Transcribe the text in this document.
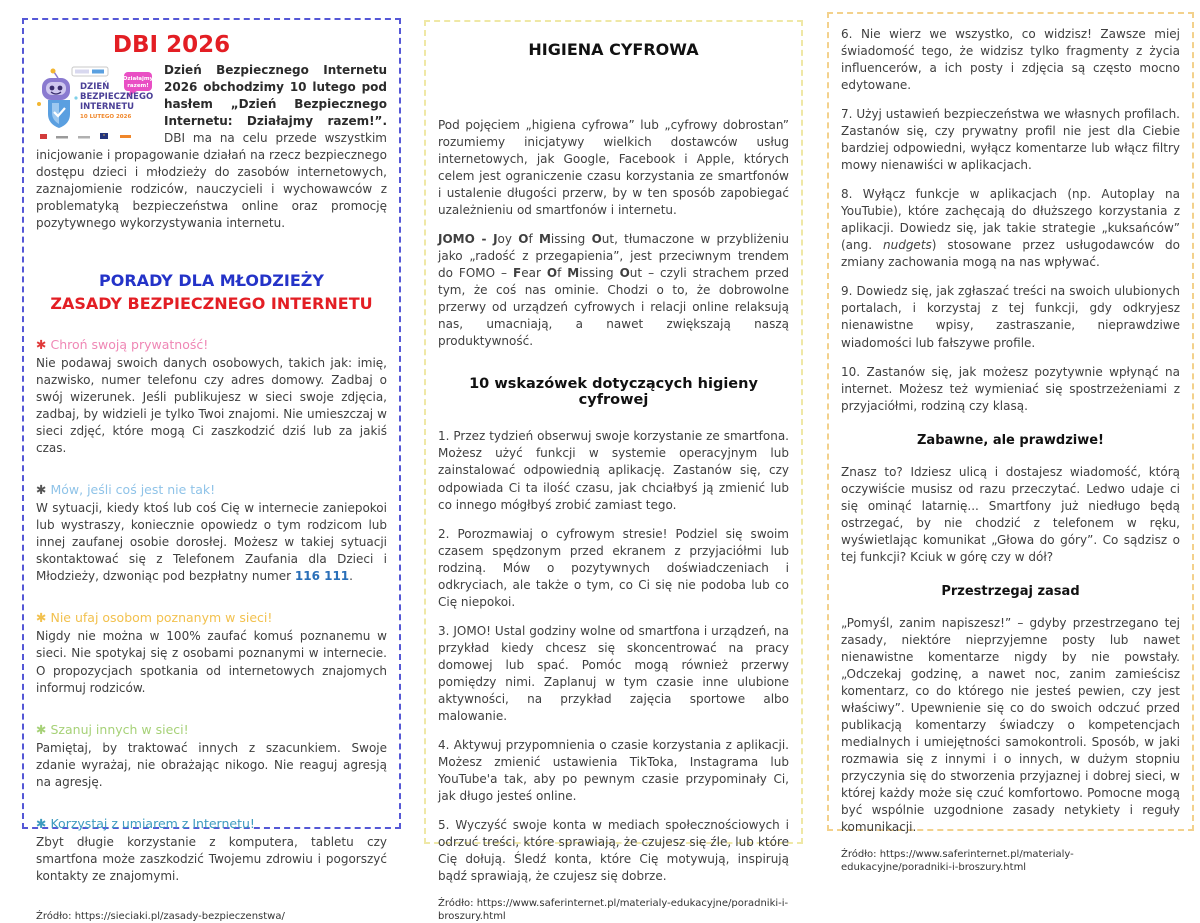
DBI 2026

Działajmy
razem!
DZIEŃ
BEZPIECZNEGO
INTERNETU
10 LUTEGO 2026
Dzień Bezpiecznego Internetu 2026 obchodzimy 10 lutego pod hasłem „Dzień Bezpiecznego Internetu: Działajmy razem!”. DBI ma na celu przede wszystkim inicjowanie i propagowanie działań na rzecz bezpiecznego dostępu dzieci i młodzieży do zasobów internetowych, zaznajomienie rodziców, nauczycieli i wychowawców z problematyką bezpieczeństwa online oraz promocję pozytywnego wykorzystywania internetu.

PORADY DLA MŁODZIEŻY
ZASADY BEZPIECZNEGO INTERNETU

✱ Chroń swoją prywatność!

Nie podawaj swoich danych osobowych, takich jak: imię, nazwisko, numer telefonu czy adres domowy. Zadbaj o swój wizerunek. Jeśli publikujesz w sieci swoje zdjęcia, zadbaj, by widzieli je tylko Twoi znajomi. Nie umieszczaj w sieci zdjęć, które mogą Ci zaszkodzić dziś lub za jakiś czas.

✱ Mów, jeśli coś jest nie tak!

W sytuacji, kiedy ktoś lub coś Cię w internecie zaniepokoi lub wystraszy, koniecznie opowiedz o tym rodzicom lub innej zaufanej osobie dorosłej. Możesz w takiej sytuacji skontaktować się z Telefonem Zaufania dla Dzieci i Młodzieży, dzwoniąc pod bezpłatny numer 116 111.

✱ Nie ufaj osobom poznanym w sieci!

Nigdy nie można w 100% zaufać komuś poznanemu w sieci. Nie spotykaj się z osobami poznanymi w internecie. O propozycjach spotkania od internetowych znajomych informuj rodziców.

✱ Szanuj innych w sieci!

Pamiętaj, by traktować innych z szacunkiem. Swoje zdanie wyrażaj, nie obrażając nikogo. Nie reaguj agresją na agresję.

✱ Korzystaj z umiarem z Internetu!

Zbyt długie korzystanie z komputera, tabletu czy smartfona może zaszkodzić Twojemu zdrowiu i pogorszyć kontakty ze znajomymi.

Źródło: https://sieciaki.pl/zasady-bezpieczenstwa/

HIGIENA CYFROWA

Pod pojęciem „higiena cyfrowa” lub „cyfrowy dobrostan” rozumiemy inicjatywy wielkich dostawców usług internetowych, jak Google, Facebook i Apple, których celem jest ograniczenie czasu korzystania ze smartfonów i ustalenie długości przerw, by w ten sposób zapobiegać uzależnieniu od smartfonów i internetu.

JOMO - Joy Of Missing Out, tłumaczone w przybliżeniu jako „radość z przegapienia”, jest przeciwnym trendem do FOMO – Fear Of Missing Out – czyli strachem przed tym, że coś nas ominie. Chodzi o to, że dobrowolne przerwy od urządzeń cyfrowych i relacji online relaksują nas, umacniają, a nawet zwiększają naszą produktywność.

10 wskazówek dotyczących higieny cyfrowej

1. Przez tydzień obserwuj swoje korzystanie ze smartfona. Możesz użyć funkcji w systemie operacyjnym lub zainstalować odpowiednią aplikację. Zastanów się, czy odpowiada Ci ta ilość czasu, jak chciałbyś ją zmienić lub co innego mógłbyś zrobić zamiast tego.

2. Porozmawiaj o cyfrowym stresie! Podziel się swoim czasem spędzonym przed ekranem z przyjaciółmi lub rodziną. Mów o pozytywnych doświadczeniach i odkryciach, ale także o tym, co Ci się nie podoba lub co Cię niepokoi.

3. JOMO! Ustal godziny wolne od smartfona i urządzeń, na przykład kiedy chcesz się skoncentrować na pracy domowej lub spać. Pomóc mogą również przerwy pomiędzy nimi. Zaplanuj w tym czasie inne ulubione aktywności, na przykład zajęcia sportowe albo malowanie.

4. Aktywuj przypomnienia o czasie korzystania z aplikacji. Możesz zmienić ustawienia TikToka, Instagrama lub YouTube'a tak, aby po pewnym czasie przypominały Ci, jak długo jesteś online.

5. Wyczyść swoje konta w mediach społecznościowych i odrzuć treści, które sprawiają, że czujesz się źle, lub które Cię dołują. Śledź konta, które Cię motywują, inspirują bądź sprawiają, że czujesz się dobrze.

Źródło: https://www.saferinternet.pl/materialy-edukacyjne/poradniki-i-broszury.html

6. Nie wierz we wszystko, co widzisz! Zawsze miej świadomość tego, że widzisz tylko fragmenty z życia influencerów, a ich posty i zdjęcia są często mocno edytowane.

7. Użyj ustawień bezpieczeństwa we własnych profilach. Zastanów się, czy prywatny profil nie jest dla Ciebie bardziej odpowiedni, wyłącz komentarze lub włącz filtry mowy nienawiści w aplikacjach.

8. Wyłącz funkcje w aplikacjach (np. Autoplay na YouTubie), które zachęcają do dłuższego korzystania z aplikacji. Dowiedz się, jak takie strategie „kuksańców” (ang. nudgets) stosowane przez usługodawców do zmiany zachowania mogą na nas wpływać.

9. Dowiedz się, jak zgłaszać treści na swoich ulubionych portalach, i korzystaj z tej funkcji, gdy odkryjesz nienawistne wpisy, zastraszanie, nieprawdziwe wiadomości lub fałszywe profile.

10. Zastanów się, jak możesz pozytywnie wpłynąć na internet. Możesz też wymieniać się spostrzeżeniami z przyjaciółmi, rodziną czy klasą.

Zabawne, ale prawdziwe!

Znasz to? Idziesz ulicą i dostajesz wiadomość, którą oczywiście musisz od razu przeczytać. Ledwo udaje ci się ominąć latarnię... Smartfony już niedługo będą ostrzegać, by nie chodzić z telefonem w ręku, wyświetlając komunikat „Głowa do góry”. Co sądzisz o tej funkcji? Kciuk w górę czy w dół?

Przestrzegaj zasad

„Pomyśl, zanim napiszesz!” – gdyby przestrzegano tej zasady, niektóre nieprzyjemne posty lub nawet nienawistne komentarze nigdy by nie powstały. „Odczekaj godzinę, a nawet noc, zanim zamieścisz komentarz, co do którego nie jesteś pewien, czy jest właściwy”. Upewnienie się co do swoich odczuć przed publikacją komentarzy świadczy o kompetencjach medialnych i umiejętności samokontroli. Sposób, w jaki rozmawia się z innymi i o innych, w dużym stopniu przyczynia się do stworzenia przyjaznej i dobrej sieci, w której każdy może się czuć komfortowo. Pomocne mogą być wspólnie uzgodnione zasady netykiety i reguły komunikacji.

Źródło: https://www.saferinternet.pl/materialy-edukacyjne/poradniki-i-broszury.html
